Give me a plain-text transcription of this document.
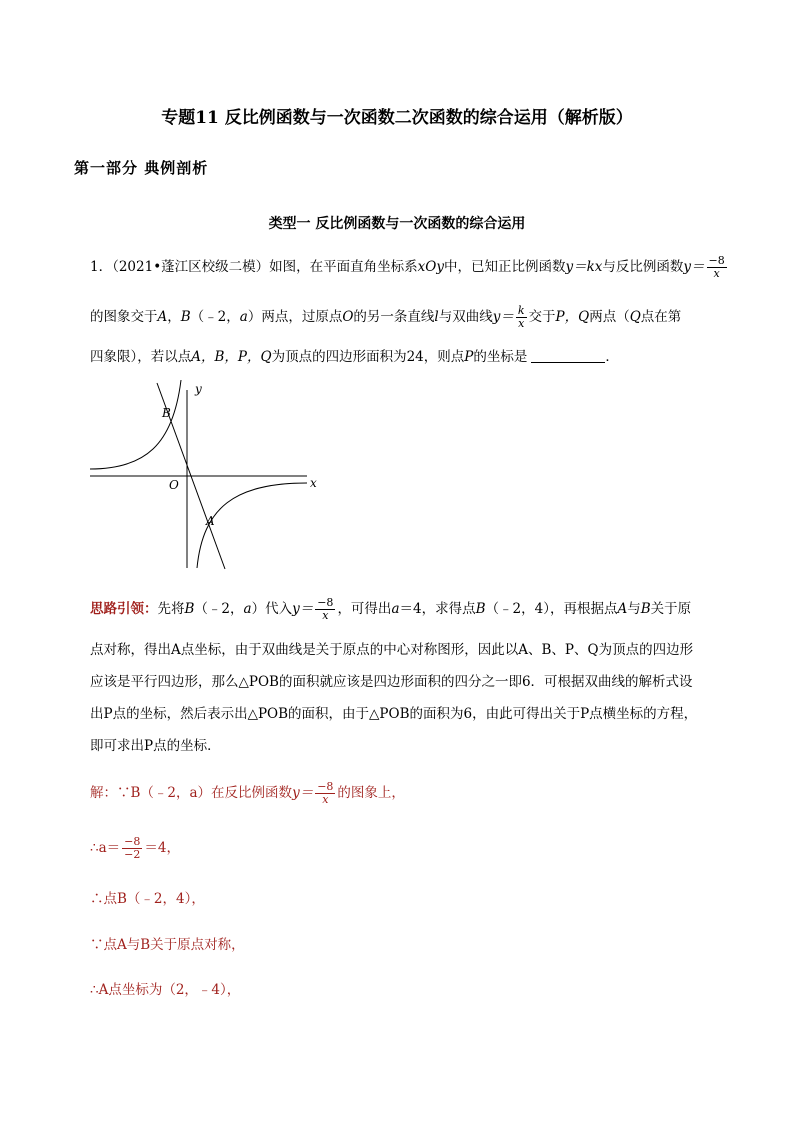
专题11 反比例函数与一次函数二次函数的综合运用（解析版）
第一部分 典例剖析
类型一 反比例函数与一次函数的综合运用
1．（2021•蓬江区校级二模）如图，在平面直角坐标系xOy中，已知正比例函数y＝kx与反比例函数$y= \frac{-8}{x}$
的图象交于A，B（﹣2，a）两点，过原点O的另一条直线l与双曲线$y= \frac{k}{x}$ 交于P，Q两点（Q点在第
四象限），若以点A，B，P，Q为顶点的四边形面积为24，则点P的坐标是	．
y
x
O
B
A
思路引领：先将B（﹣2，a）代入$y= \frac{-8}{x}$ ，可得出a＝4，求得点B（﹣2，4），再根据点A与B关于原
点对称，得出A点坐标，由于双曲线是关于原点的中心对称图形，因此以A、B、P、Q为顶点的四边形
应该是平行四边形，那么△POB的面积就应该是四边形面积的四分之一即6．可根据双曲线的解析式设
出P点的坐标，然后表示出△POB的面积，由于△POB的面积为6，由此可得出关于P点横坐标的方程，
即可求出P点的坐标．
解：∵B（﹣2，a）在反比例函数$y= \frac{-8}{x}$ 的图象上，
∴a＝ $\frac{-8}{-2} =4$，
∴点B（﹣2，4），
∵点A与B关于原点对称，
∴A点坐标为（2，﹣4），
